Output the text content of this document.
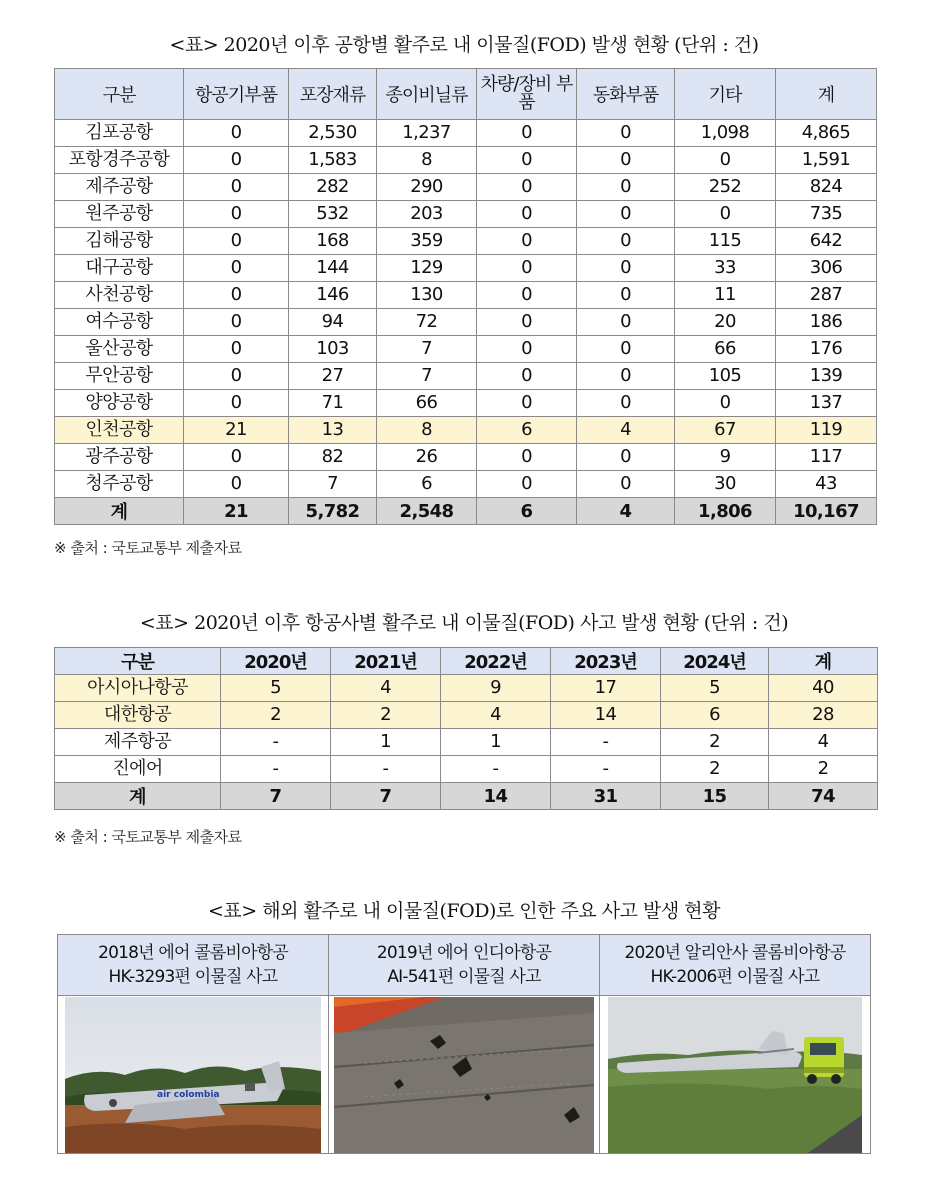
<표> 2020년 이후 공항별 활주로 내 이물질(FOD) 발생 현황 (단위 : 건)
구분	항공기부품	포장재류	종이비닐류	차량/장비 부품	동화부품	기타	계
김포공항	0	2,530	1,237	0	0	1,098	4,865
포항경주공항	0	1,583	8	0	0	0	1,591
제주공항	0	282	290	0	0	252	824
원주공항	0	532	203	0	0	0	735
김해공항	0	168	359	0	0	115	642
대구공항	0	144	129	0	0	33	306
사천공항	0	146	130	0	0	11	287
여수공항	0	94	72	0	0	20	186
울산공항	0	103	7	0	0	66	176
무안공항	0	27	7	0	0	105	139
양양공항	0	71	66	0	0	0	137
인천공항	21	13	8	6	4	67	119
광주공항	0	82	26	0	0	9	117
청주공항	0	7	6	0	0	30	43
계	21	5,782	2,548	6	4	1,806	10,167
※ 출처 : 국토교통부 제출자료
<표> 2020년 이후 항공사별 활주로 내 이물질(FOD) 사고 발생 현황 (단위 : 건)
구분	2020년	2021년	2022년	2023년	2024년	계
아시아나항공	5	4	9	17	5	40
대한항공	2	2	4	14	6	28
제주항공	-	1	1	-	2	4
진에어	-	-	-	-	2	2
계	7	7	14	31	15	74
※ 출처 : 국토교통부 제출자료
<표> 해외 활주로 내 이물질(FOD)로 인한 주요 사고 발생 현황
2018년 에어 콜롬비아항공
HK-3293편 이물질 사고
air colombia
2019년 에어 인디아항공
AI-541편 이물질 사고
2020년 알리안사 콜롬비아항공
HK-2006편 이물질 사고
